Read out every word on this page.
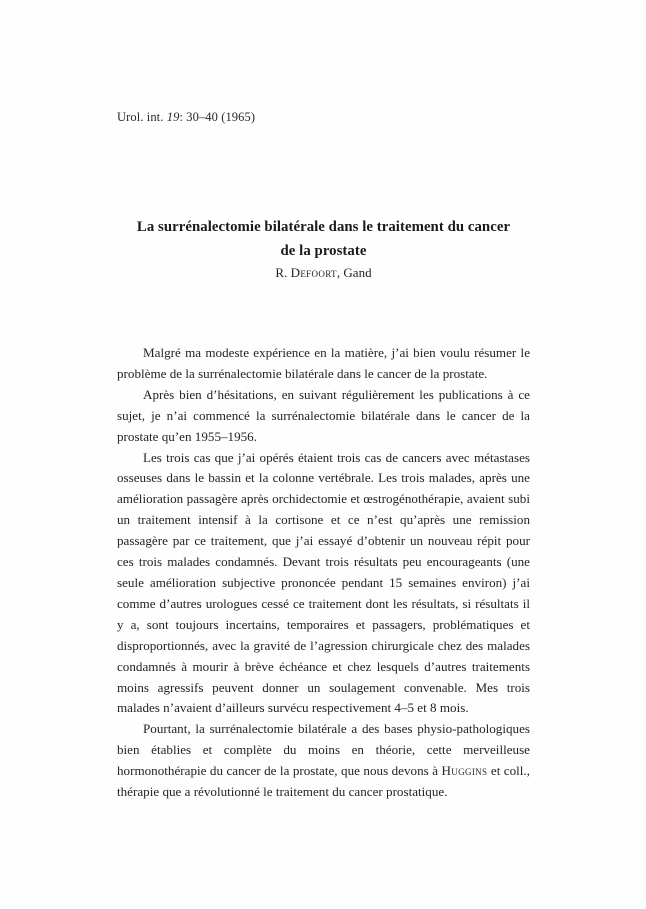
Urol. int. 19: 30–40 (1965)
La surrénalectomie bilatérale dans le traitement du cancer
de la prostate
R. Defoort, Gand

Malgré ma modeste expérience en la matière, j’ai bien voulu résumer le problème de la surrénalectomie bilatérale dans le cancer de la prostate.

Après bien d’hésitations, en suivant régulièrement les publications à ce sujet, je n’ai commencé la surrénalectomie bilatérale dans le cancer de la prostate qu’en 1955–1956.

Les trois cas que j’ai opérés étaient trois cas de cancers avec métastases osseuses dans le bassin et la colonne vertébrale. Les trois malades, après une amélioration passagère après orchidectomie et œstrogénothérapie, avaient subi un traitement intensif à la cortisone et ce n’est qu’après une remission passagère par ce traitement, que j’ai essayé d’obtenir un nouveau répit pour ces trois malades condamnés. Devant trois résultats peu encourageants (une seule amélioration subjective prononcée pendant 15 semaines environ) j’ai comme d’autres urologues cessé ce traitement dont les résultats, si résultats il y a, sont toujours incertains, temporaires et passagers, problématiques et disproportionnés, avec la gravité de l’agression chirurgicale chez des malades condamnés à mourir à brève échéance et chez lesquels d’autres traitements moins agressifs peuvent donner un soulagement convenable. Mes trois malades n’avaient d’ailleurs survécu respectivement 4–5 et 8 mois.

Pourtant, la surrénalectomie bilatérale a des bases physio-pathologiques bien établies et complète du moins en théorie, cette merveilleuse hormonothérapie du cancer de la prostate, que nous devons à Huggins et coll., thérapie que a révolutionné le traitement du cancer prostatique.
